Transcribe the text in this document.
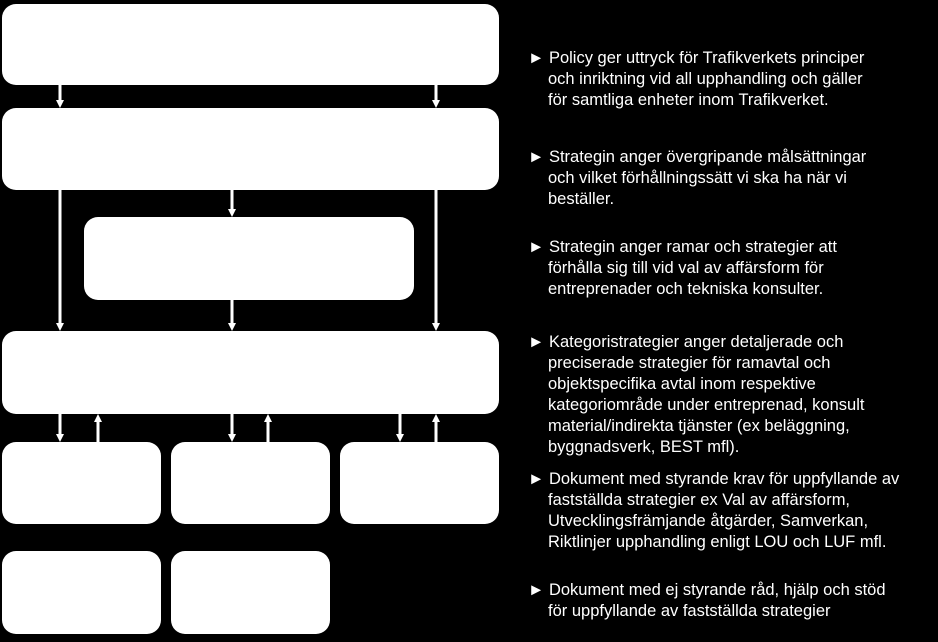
► Policy ger uttryck för Trafikverkets principer
och inriktning vid all upphandling och gäller
för samtliga enheter inom Trafikverket.
► Strategin anger övergripande målsättningar
och vilket förhållningssätt vi ska ha när vi
beställer.
► Strategin anger ramar och strategier att
förhålla sig till vid val av affärsform för
entreprenader och tekniska konsulter.
► Kategoristrategier anger detaljerade och
preciserade strategier för ramavtal och
objektspecifika avtal inom respektive
kategoriområde under entreprenad, konsult
material/indirekta tjänster (ex beläggning,
byggnadsverk, BEST mfl).
► Dokument med styrande krav för uppfyllande av
fastställda strategier ex Val av affärsform,
Utvecklingsfrämjande åtgärder, Samverkan,
Riktlinjer upphandling enligt LOU och LUF mfl.
► Dokument med ej styrande råd, hjälp och stöd
för uppfyllande av fastställda strategier
